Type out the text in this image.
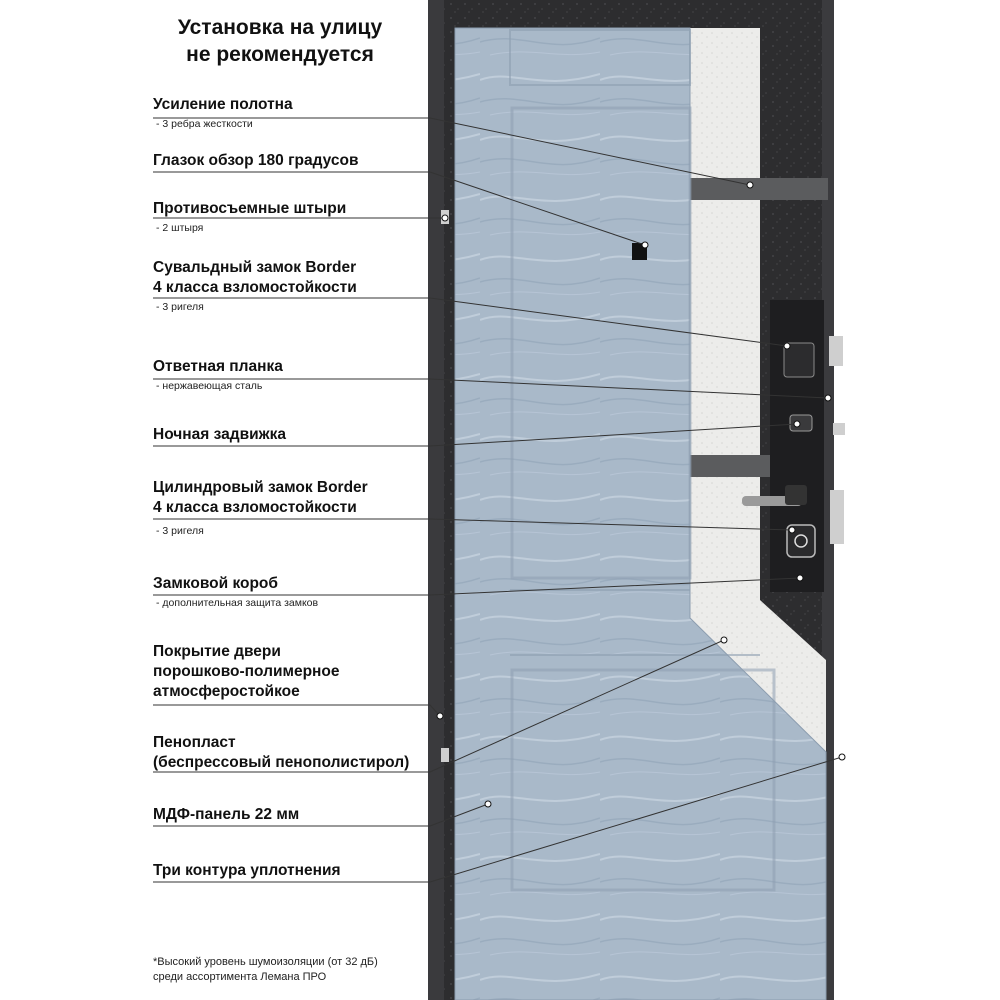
Установка на улицу
не рекомендуется
Усиление полотна
- 3 ребра жесткости
Глазок обзор 180 градусов
Противосъемные штыри
- 2 штыря
Сувальдный замок Border
4 класса взломостойкости
- 3 ригеля
Ответная планка
- нержавеющая сталь
Ночная задвижка
Цилиндровый замок Border
4 класса взломостойкости
- 3 ригеля
Замковой короб
- дополнительная защита замков
Покрытие двери
порошково-полимерное
атмосферостойкое
Пенопласт
(беспрессовый пенополистирол)
МДФ-панель 22 мм
Три контура уплотнения
*Высокий уровень шумоизоляции (от 32 дБ)
среди ассортимента Леман​а ПРО
